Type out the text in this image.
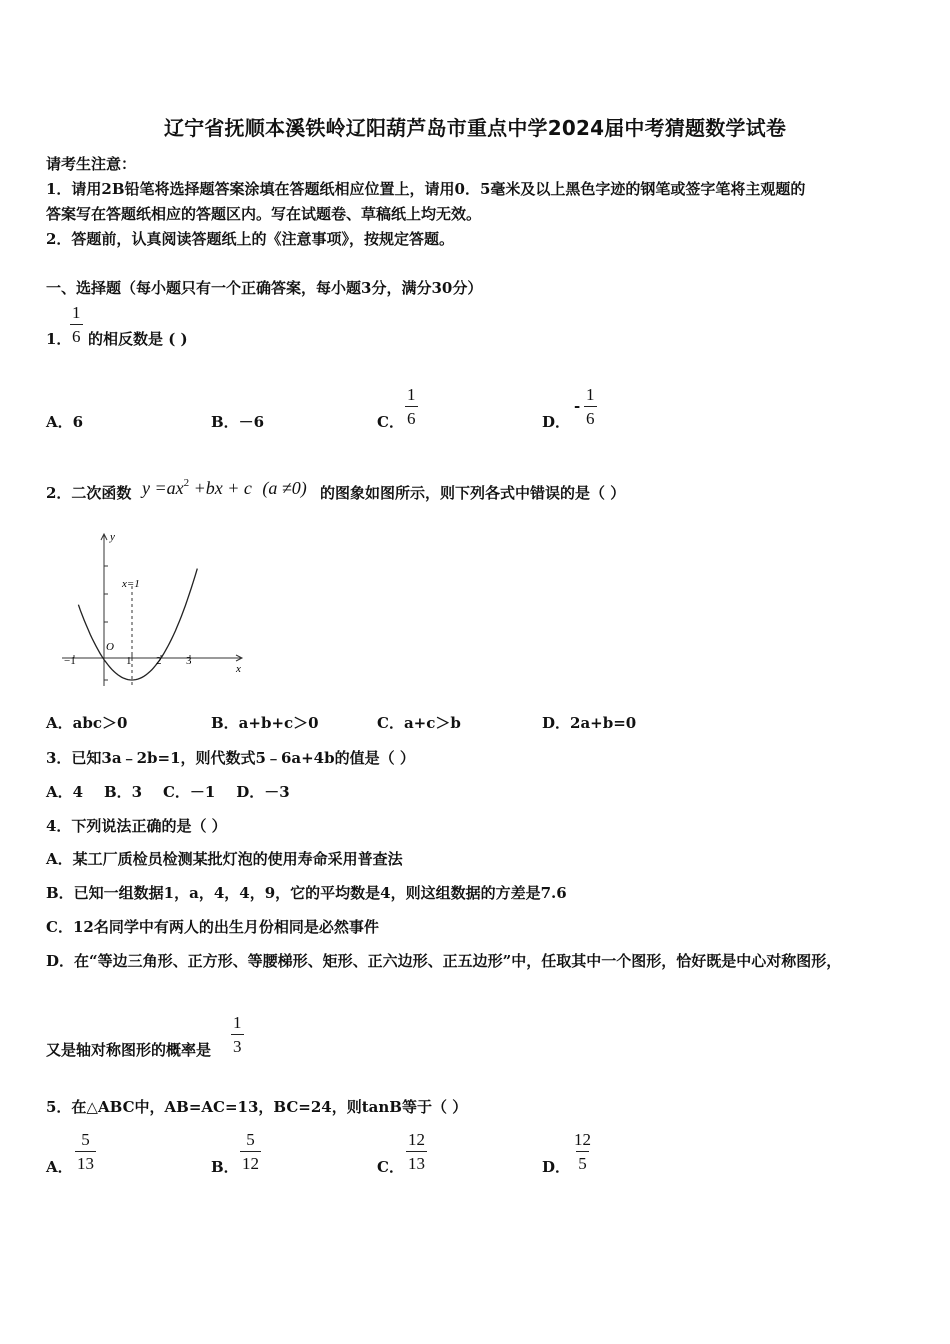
辽宁省抚顺本溪铁岭辽阳葫芦岛市重点中学2024届中考猜题数学试卷
请考生注意：
1．请用2B铅笔将选择题答案涂填在答题纸相应位置上，请用0．5毫米及以上黑色字迹的钢笔或签字笔将主观题的
答案写在答题纸相应的答题区内。写在试题卷、草稿纸上均无效。
2．答题前，认真阅读答题纸上的《注意事项》，按规定答题。
一、选择题（每小题只有一个正确答案，每小题3分，满分30分）
1．
$\frac{1}{6}$ 的相反数是 ( )
A．6	B．－6	C． $\frac{1}{6}$	D．
- $\frac{1}{6}$
2．二次函数 $y =ax^2 +bx + c$ (a ≠0) 的图象如图所示，则下列各式中错误的是（ ）
y
x
O
x=1
−1	1 2 3
A．abc＞0	B．a+b+c＞0	C．a+c＞b	D．2a+b=0
3．已知3a﹣2b=1，则代数式5﹣6a+4b的值是（ ）
A．4    B．3    C．－1    D．－3
4．下列说法正确的是（ ）
A．某工厂质检员检测某批灯泡的使用寿命采用普查法
B．已知一组数据1，a，4，4，9，它的平均数是4，则这组数据的方差是7.6
C．12名同学中有两人的出生月份相同是必然事件
D．在“等边三角形、正方形、等腰梯形、矩形、正六边形、正五边形”中，任取其中一个图形，恰好既是中心对称图形，
又是轴对称图形的概率是 $\frac{1}{3}$
5．在△ABC中，AB=AC=13，BC=24，则tanB等于（ ）
A． $\frac{5}{13}$	B． $\frac{5}{12}$	C． $\frac{12}{13}$	D． $\frac{12}{5}$
